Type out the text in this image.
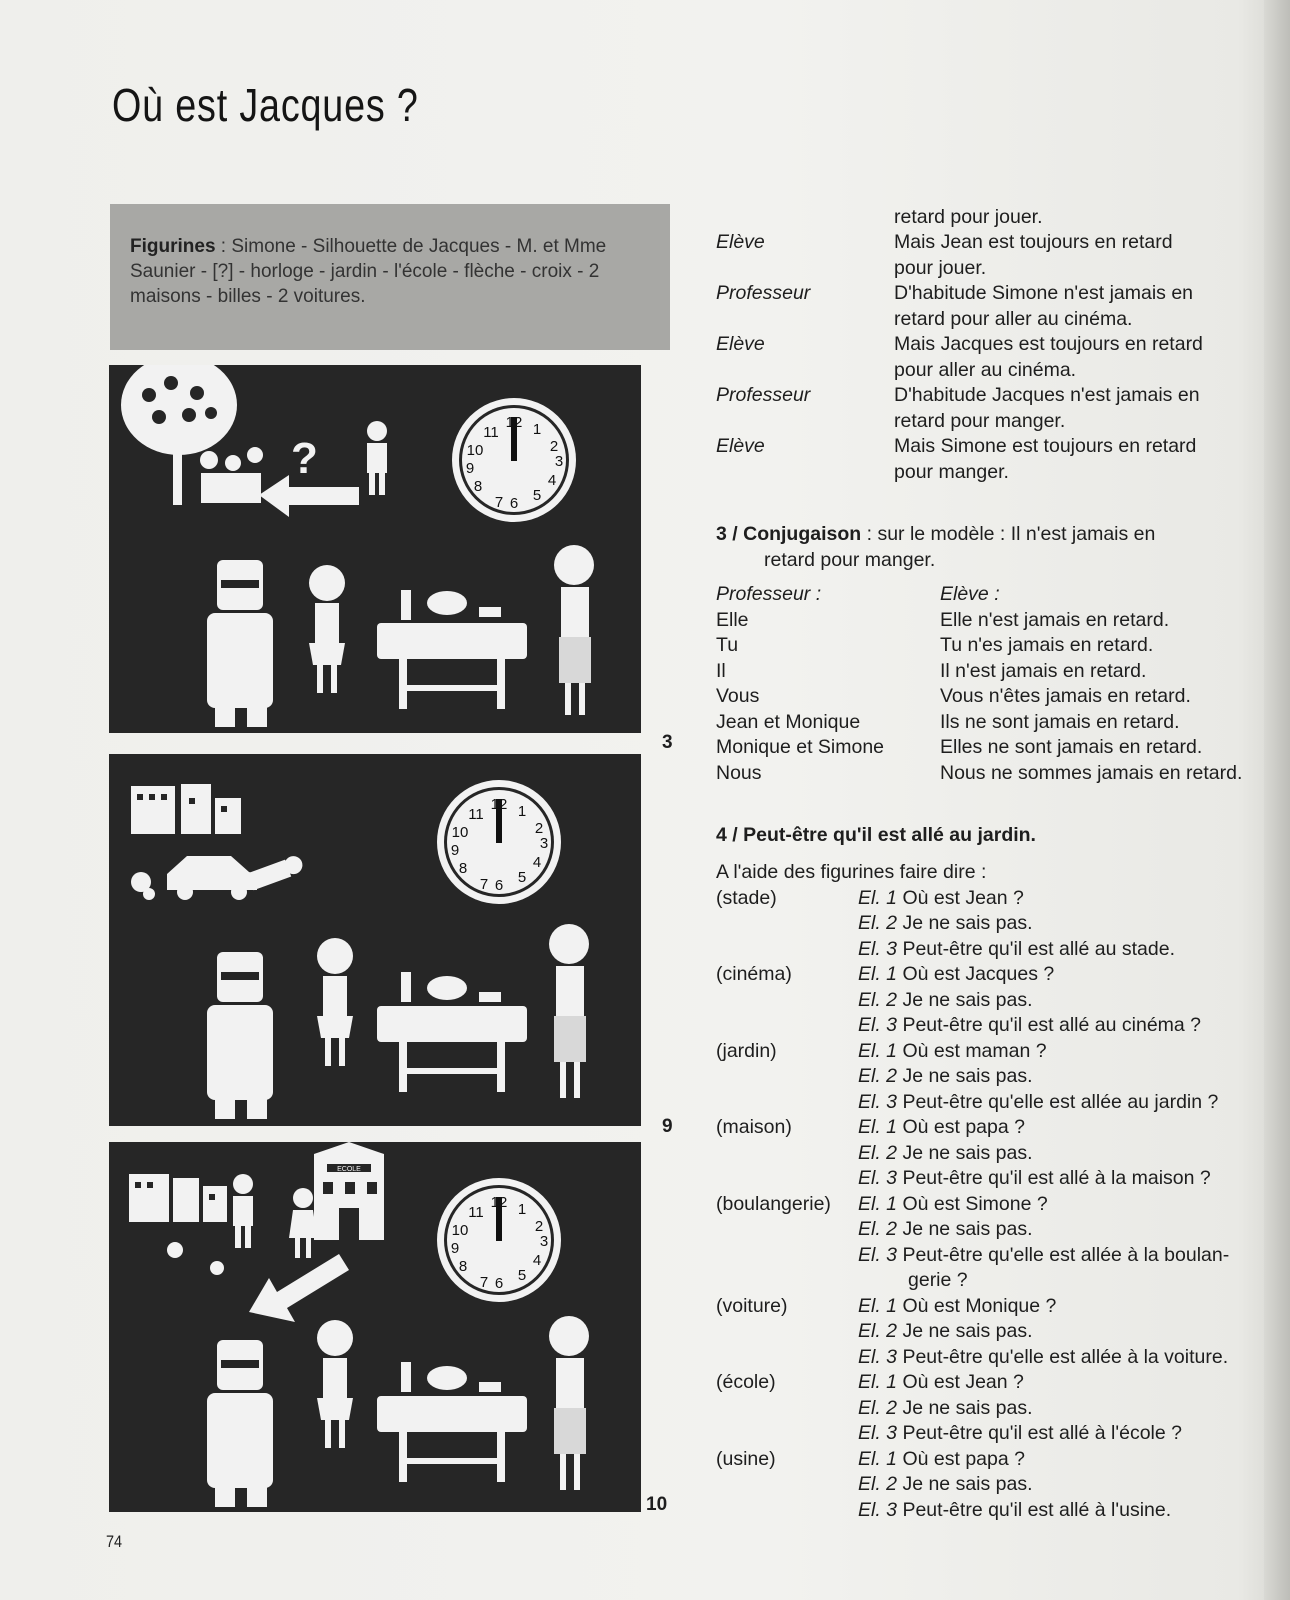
Où est Jacques ?
Figurines : Simone - Silhouette de Jacques - M. et Mme Saunier - [?] - horloge - jardin - l'école - flèche - croix - 2 maisons - billes - 2 voitures.
?
12 1
2
3
4
5
6
7
8
9
10
11
3
12 1
2
3
4
5
6
7
8
9
10
11
9
ECOLE
12 1
2
3
4
5
6
7
8
9
10
11
10
74
retard pour jouer.
Elève	Mais Jean est toujours en retard
pour jouer.
Professeur	D'habitude Simone n'est jamais en
retard pour aller au cinéma.
Elève	Mais Jacques est toujours en retard
pour aller au cinéma.
Professeur	D'habitude Jacques n'est jamais en
retard pour manger.
Elève	Mais Simone est toujours en retard
pour manger.
3 / Conjugaison : sur le modèle : Il n'est jamais en
retard pour manger.
Professeur :	Elève :
Elle	Elle n'est jamais en retard.
Tu	Tu n'es jamais en retard.
Il	Il n'est jamais en retard.
Vous	Vous n'êtes jamais en retard.
Jean et Monique	Ils ne sont jamais en retard.
Monique et Simone	Elles ne sont jamais en retard.
Nous	Nous ne sommes jamais en retard.
4 / Peut-être qu'il est allé au jardin.
A l'aide des figurines faire dire :
(stade)	El. 1 Où est Jean ?
El. 2 Je ne sais pas.
El. 3 Peut-être qu'il est allé au stade.
(cinéma)	El. 1 Où est Jacques ?
El. 2 Je ne sais pas.
El. 3 Peut-être qu'il est allé au cinéma ?
(jardin)	El. 1 Où est maman ?
El. 2 Je ne sais pas.
El. 3 Peut-être qu'elle est allée au jardin ?
(maison)	El. 1 Où est papa ?
El. 2 Je ne sais pas.
El. 3 Peut-être qu'il est allé à la maison ?
(boulangerie) El. 1 Où est Simone ?
El. 2 Je ne sais pas.
El. 3 Peut-être qu'elle est allée à la boulan-
gerie ?
(voiture)	El. 1 Où est Monique ?
El. 2 Je ne sais pas.
El. 3 Peut-être qu'elle est allée à la voiture.
(école)	El. 1 Où est Jean ?
El. 2 Je ne sais pas.
El. 3 Peut-être qu'il est allé à l'école ?
(usine)	El. 1 Où est papa ?
El. 2 Je ne sais pas.
El. 3 Peut-être qu'il est allé à l'usine.
